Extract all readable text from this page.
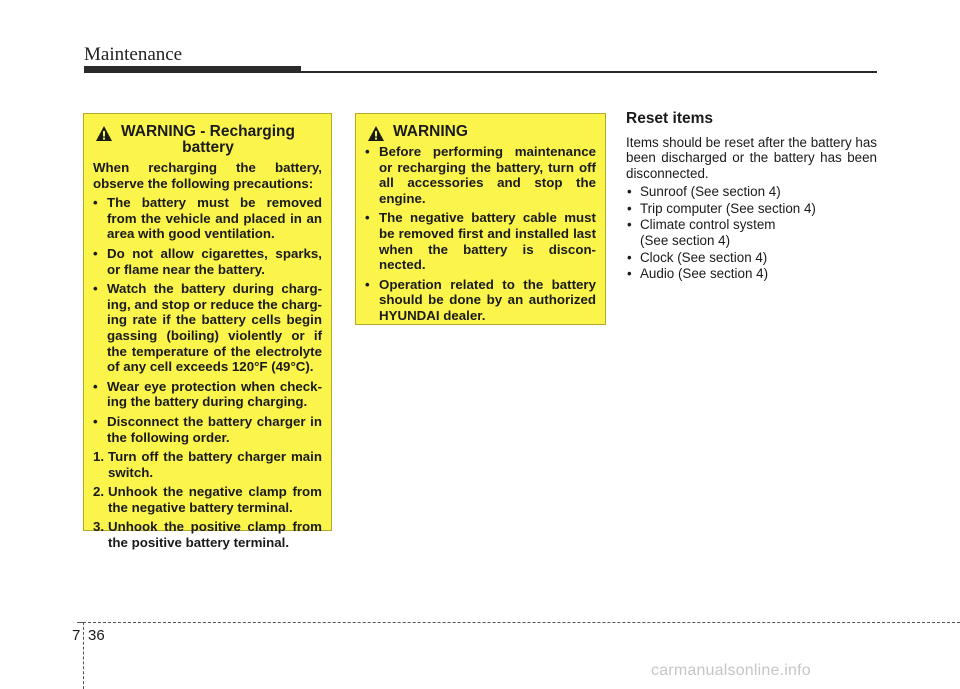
Maintenance
WARNING - Recharging
battery
When recharging the battery, observe the following precautions:
• The battery must be removed from the vehicle and placed in an area with good ventilation.
• Do not allow cigarettes, sparks, or flame near the battery.
• Watch the battery during charg-ing, and stop or reduce the charg-ing rate if the battery cells begin gassing (boiling) violently or if the temperature of the electrolyte of any cell exceeds 120°F (49°C).
• Wear eye protection when check-ing the battery during charging.
• Disconnect the battery charger in the following order.
1. Turn off the battery charger main switch.
2. Unhook the negative clamp from the negative battery terminal.
3. Unhook the positive clamp from the positive battery terminal.
WARNING
• Before performing maintenance or recharging the battery, turn off all accessories and stop the engine.
• The negative battery cable must be removed first and installed last when the battery is discon-nected.
• Operation related to the battery should be done by an authorized HYUNDAI dealer.
Reset items
Items should be reset after the battery has been discharged or the battery has been disconnected.
• Sunroof (See section 4)
• Trip computer (See section 4)
• Climate control system (See section 4)
• Clock (See section 4)
• Audio (See section 4)
7 36
carmanualsonline.info
